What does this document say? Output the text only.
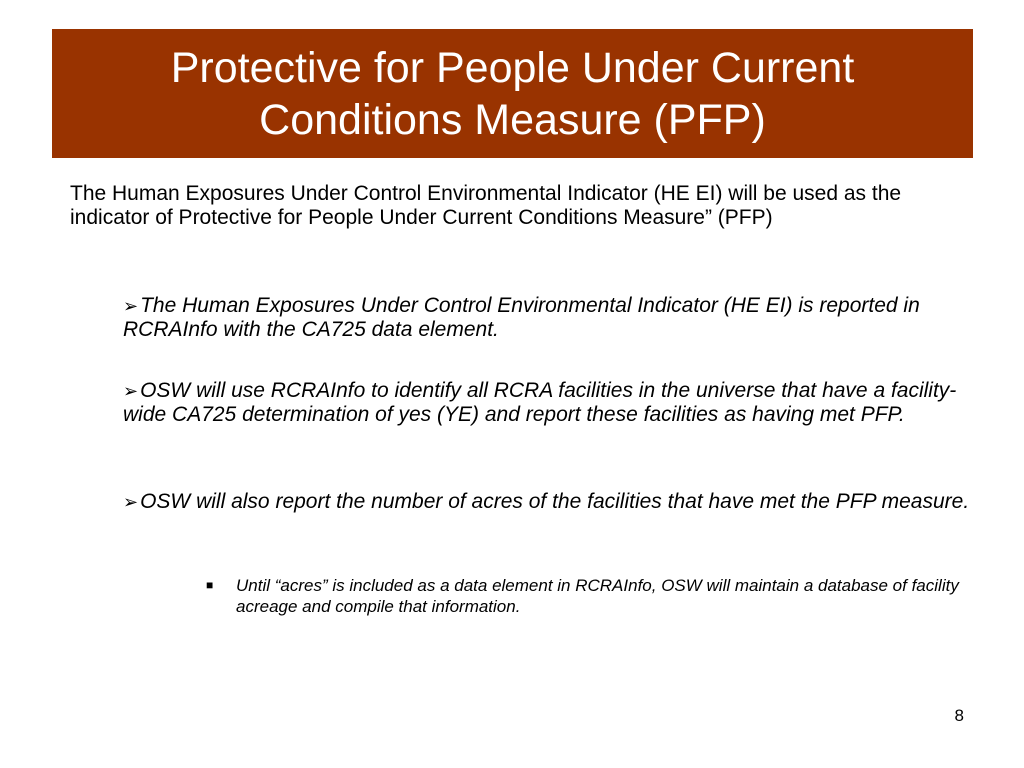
Protective for People Under Current Conditions Measure (PFP)
The Human Exposures Under Control Environmental Indicator (HE EI) will be used as the indicator of Protective for People Under Current Conditions Measure” (PFP)
➢The Human Exposures Under Control Environmental Indicator (HE EI) is reported in RCRAInfo with the CA725 data element.
➢OSW will use RCRAInfo to identify all RCRA facilities in the universe that have a facility-wide CA725 determination of yes (YE) and report these facilities as having met PFP.
➢OSW will also report the number of acres of the facilities that have met the PFP measure.
■	Until “acres” is included as a data element in RCRAInfo, OSW will maintain a database of facility acreage and compile that information.
8
